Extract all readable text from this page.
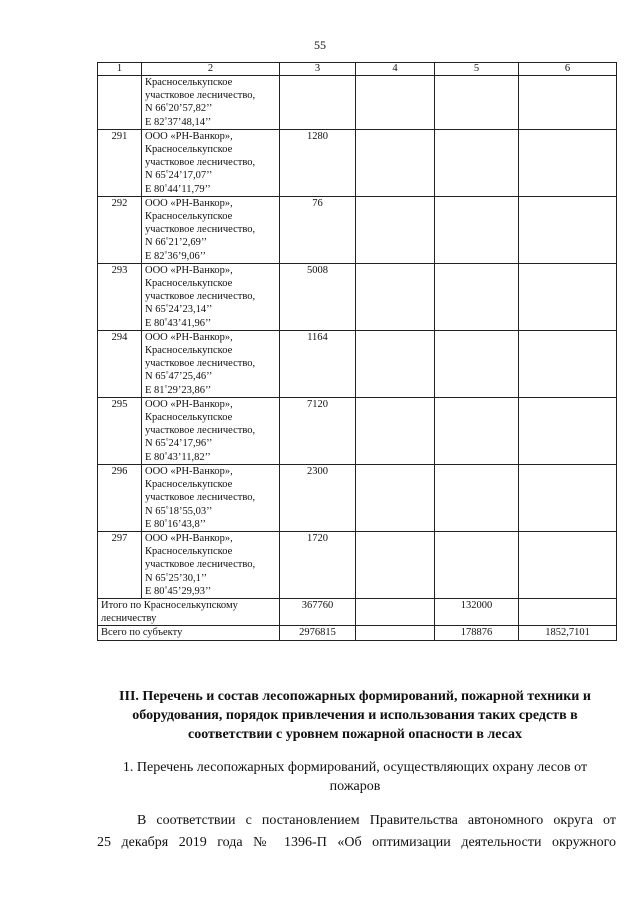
55
1	2	3	4	5	6

	Красноселькупское
участковое лесничество,
N 66°20’57,82’’
E 82°37’48,14’’				

291	ООО «РН-Ванкор»,
Красноселькупское
участковое лесничество,
N 65°24’17,07’’
E 80°44’11,79’’	1280			
292	ООО «РН-Ванкор»,
Красноселькупское
участковое лесничество,
N 66°21’2,69’’
E 82°36’9,06’’	76			
293	ООО «РН-Ванкор»,
Красноселькупское
участковое лесничество,
N 65°24’23,14’’
E 80°43’41,96’’	5008			
294	ООО «РН-Ванкор»,
Красноселькупское
участковое лесничество,
N 65°47’25,46’’
E 81°29’23,86’’	1164			
295	ООО «РН-Ванкор»,
Красноселькупское
участковое лесничество,
N 65°24’17,96’’
E 80°43’11,82’’	7120			
296	ООО «РН-Ванкор»,
Красноселькупское
участковое лесничество,
N 65°18’55,03’’
E 80°16’43,8’’	2300			
297	ООО «РН-Ванкор»,
Красноселькупское
участковое лесничество,
N 65°25’30,1’’
E 80°45’29,93’’	1720			
Итого по Красноселькупскому лесничеству		367760		132000	
Всего по субъекту		2976815		178876	1852,7101
III. Перечень и состав лесопожарных формирований, пожарной техники и оборудования, порядок привлечения и использования таких средств в соответствии с уровнем пожарной опасности в лесах
1. Перечень лесопожарных формирований, осуществляющих охрану лесов от пожаров
В соответствии с постановлением Правительства автономного округа от
25 декабря 2019 года № 1396-П «Об оптимизации деятельности окружного
